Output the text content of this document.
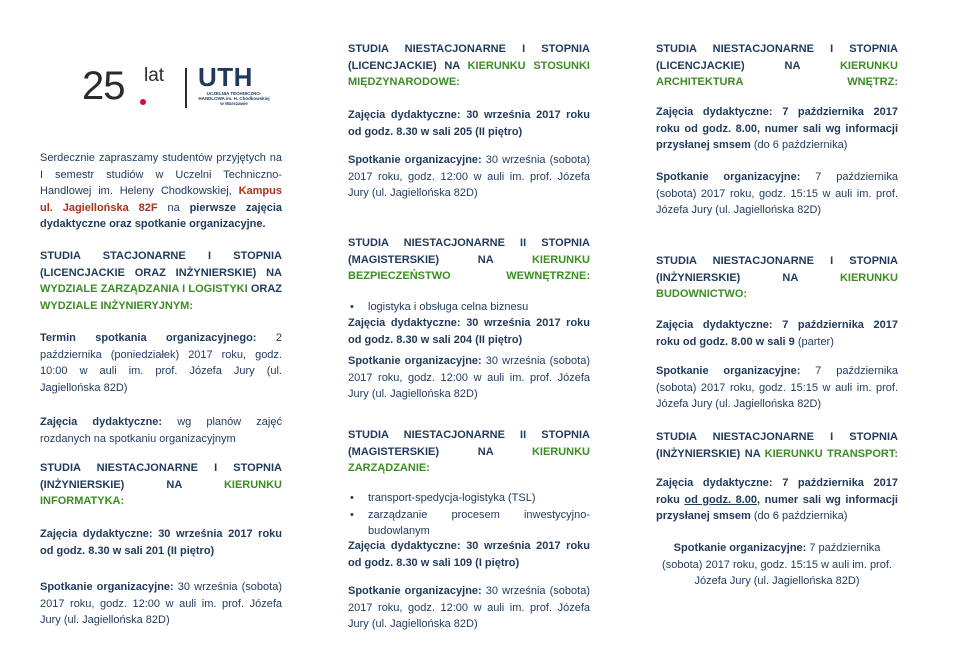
25 lat UTH
UCZELNIA TECHNICZNO-HANDLOWA im. H. Chodkowskiej w Warszawie

Serdecznie zapraszamy studentów przyjętych na I semestr studiów w Uczelni Techniczno-Handlowej im. Heleny Chodkowskiej, Kampus ul. Jagiellońska 82F na pierwsze zajęcia dydaktyczne oraz spotkanie organizacyjne.

STUDIA STACJONARNE I STOPNIA (LICENCJACKIE ORAZ INŻYNIERSKIE) NA WYDZIALE ZARZĄDZANIA I LOGISTYKI ORAZ WYDZIALE INŻYNIERYJNYM:

Termin spotkania organizacyjnego: 2 października (poniedziałek) 2017 roku, godz. 10:00 w auli im. prof. Józefa Jury (ul. Jagiellońska 82D)

Zajęcia dydaktyczne: wg planów zajęć rozdanych na spotkaniu organizacyjnym

STUDIA NIESTACJONARNE I STOPNIA (INŻYNIERSKIE) NA KIERUNKU INFORMATYKA:

Zajęcia dydaktyczne: 30 września 2017 roku od godz. 8.30 w sali 201 (II piętro)

Spotkanie organizacyjne: 30 września (sobota) 2017 roku, godz. 12:00 w auli im. prof. Józefa Jury (ul. Jagiellońska 82D)

STUDIA NIESTACJONARNE I STOPNIA (LICENCJACKIE) NA KIERUNKU STOSUNKI MIĘDZYNARODOWE:

Zajęcia dydaktyczne: 30 września 2017 roku od godz. 8.30 w sali 205 (II piętro)

Spotkanie organizacyjne: 30 września (sobota) 2017 roku, godz. 12:00 w auli im. prof. Józefa Jury (ul. Jagiellońska 82D)

STUDIA NIESTACJONARNE II STOPNIA (MAGISTERSKIE) NA KIERUNKU BEZPIECZEŃSTWO WEWNĘTRZNE:

• logistyka i obsługa celna biznesu

Zajęcia dydaktyczne: 30 września 2017 roku od godz. 8.30 w sali 204 (II piętro)

Spotkanie organizacyjne: 30 września (sobota) 2017 roku, godz. 12:00 w auli im. prof. Józefa Jury (ul. Jagiellońska 82D)

STUDIA NIESTACJONARNE II STOPNIA (MAGISTERSKIE) NA KIERUNKU ZARZĄDZANIE:

• transport-spedycja-logistyka (TSL)
• zarządzanie procesem inwestycyjno-budowlanym

Zajęcia dydaktyczne: 30 września 2017 roku od godz. 8.30 w sali 109 (I piętro)

Spotkanie organizacyjne: 30 września (sobota) 2017 roku, godz. 12:00 w auli im. prof. Józefa Jury (ul. Jagiellońska 82D)

STUDIA NIESTACJONARNE I STOPNIA (LICENCJACKIE) NA KIERUNKU ARCHITEKTURA WNĘTRZ:

Zajęcia dydaktyczne: 7 października 2017 roku od godz. 8.00, numer sali wg informacji przysłanej smsem (do 6 października)

Spotkanie organizacyjne: 7 października (sobota) 2017 roku, godz. 15:15 w auli im. prof. Józefa Jury (ul. Jagiellońska 82D)

STUDIA NIESTACJONARNE I STOPNIA (INŻYNIERSKIE) NA KIERUNKU BUDOWNICTWO:

Zajęcia dydaktyczne: 7 października 2017 roku od godz. 8.00 w sali 9 (parter)

Spotkanie organizacyjne: 7 października (sobota) 2017 roku, godz. 15:15 w auli im. prof. Józefa Jury (ul. Jagiellońska 82D)

STUDIA NIESTACJONARNE I STOPNIA (INŻYNIERSKIE) NA KIERUNKU TRANSPORT:

Zajęcia dydaktyczne: 7 października 2017 roku od godz. 8.00, numer sali wg informacji przysłanej smsem (do 6 października)

Spotkanie organizacyjne: 7 października (sobota) 2017 roku, godz. 15:15 w auli im. prof. Józefa Jury (ul. Jagiellońska 82D)
